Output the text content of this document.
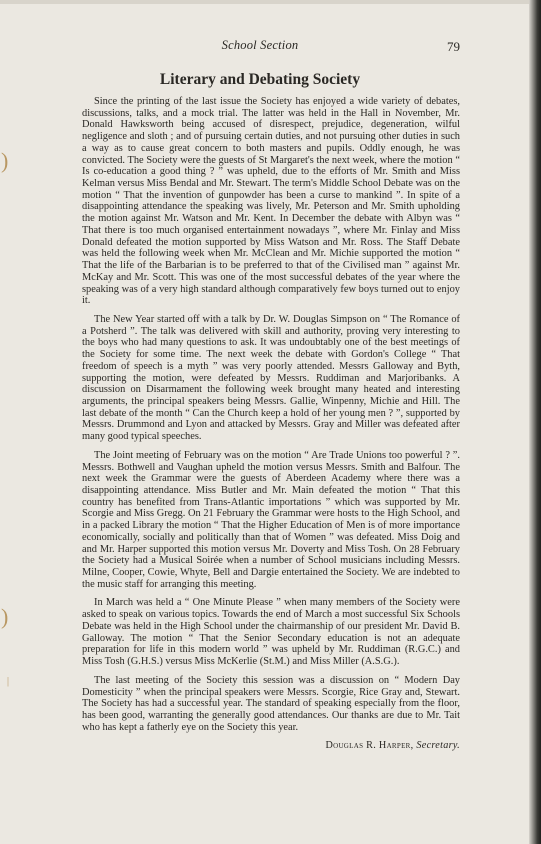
School Section	79
Literary and Debating Society

Since the printing of the last issue the Society has enjoyed a wide variety of debates, discussions, talks, and a mock trial. The latter was held in the Hall in November, Mr. Donald Hawksworth being accused of disrespect, prejudice, degeneration, wilful negligence and sloth ; and of pursuing certain duties, and not pursuing other duties in such a way as to cause great concern to both masters and pupils. Oddly enough, he was convicted. The Society were the guests of St Margaret's the next week, where the motion “ Is co-education a good thing ? ” was upheld, due to the efforts of Mr. Smith and Miss Kelman versus Miss Bendal and Mr. Stewart. The term's Middle School Debate was on the motion “ That the invention of gunpowder has been a curse to mankind ”. In spite of a disappointing attendance the speaking was lively, Mr. Peterson and Mr. Smith upholding the motion against Mr. Watson and Mr. Kent. In December the debate with Albyn was “ That there is too much organised entertainment nowadays ”, where Mr. Finlay and Miss Donald defeated the motion supported by Miss Watson and Mr. Ross. The Staff Debate was held the following week when Mr. McClean and Mr. Michie supported the motion “ That the life of the Barbarian is to be preferred to that of the Civilised man ” against Mr. McKay and Mr. Scott. This was one of the most successful debates of the year where the speaking was of a very high standard although comparatively few boys turned out to enjoy it.

The New Year started off with a talk by Dr. W. Douglas Simpson on “ The Romance of a Potsherd ”. The talk was delivered with skill and authority, proving very interesting to the boys who had many questions to ask. It was undoubtably one of the best meetings of the Society for some time. The next week the debate with Gordon's College “ That freedom of speech is a myth ” was very poorly attended. Messrs Galloway and Byth, supporting the motion, were defeated by Messrs. Ruddiman and Marjoribanks. A discussion on Disarmament the following week brought many heated and interesting arguments, the principal speakers being Messrs. Gallie, Winpenny, Michie and Hill. The last debate of the month “ Can the Church keep a hold of her young men ? ”, supported by Messrs. Drummond and Lyon and attacked by Messrs. Gray and Miller was defeated after many good typical speeches.

The Joint meeting of February was on the motion “ Are Trade Unions too powerful ? ”. Messrs. Bothwell and Vaughan upheld the motion versus Messrs. Smith and Balfour. The next week the Grammar were the guests of Aberdeen Academy where there was a disappointing attendance. Miss Butler and Mr. Main defeated the motion “ That this country has benefited from Trans-Atlantic importations ” which was supported by Mr. Scorgie and Miss Gregg. On 21 February the Grammar were hosts to the High School, and in a packed Library the motion “ That the Higher Education of Men is of more importance economically, socially and politically than that of Women ” was defeated. Miss Doig and and Mr. Harper supported this motion versus Mr. Doverty and Miss Tosh. On 28 February the Society had a Musical Soirée when a number of School musicians including Messrs. Milne, Cooper, Cowie, Whyte, Bell and Dargie entertained the Society. We are indebted to the music staff for arranging this meeting.

In March was held a “ One Minute Please ” when many members of the Society were asked to speak on various topics. Towards the end of March a most successful Six Schools Debate was held in the High School under the chairmanship of our president Mr. David B. Galloway. The motion “ That the Senior Secondary education is not an adequate preparation for life in this modern world ” was upheld by Mr. Ruddiman (R.G.C.) and Miss Tosh (G.H.S.) versus Miss McKerlie (St.M.) and Miss Miller (A.S.G.).

The last meeting of the Society this session was a discussion on “ Modern Day Domesticity ” when the principal speakers were Messrs. Scorgie, Rice Gray and, Stewart. The Society has had a successful year. The standard of speaking especially from the floor, has been good, warranting the generally good attendances. Our thanks are due to Mr. Tait who has kept a fatherly eye on the Society this year.

Douglas R. Harper, Secretary.
)
)
|
